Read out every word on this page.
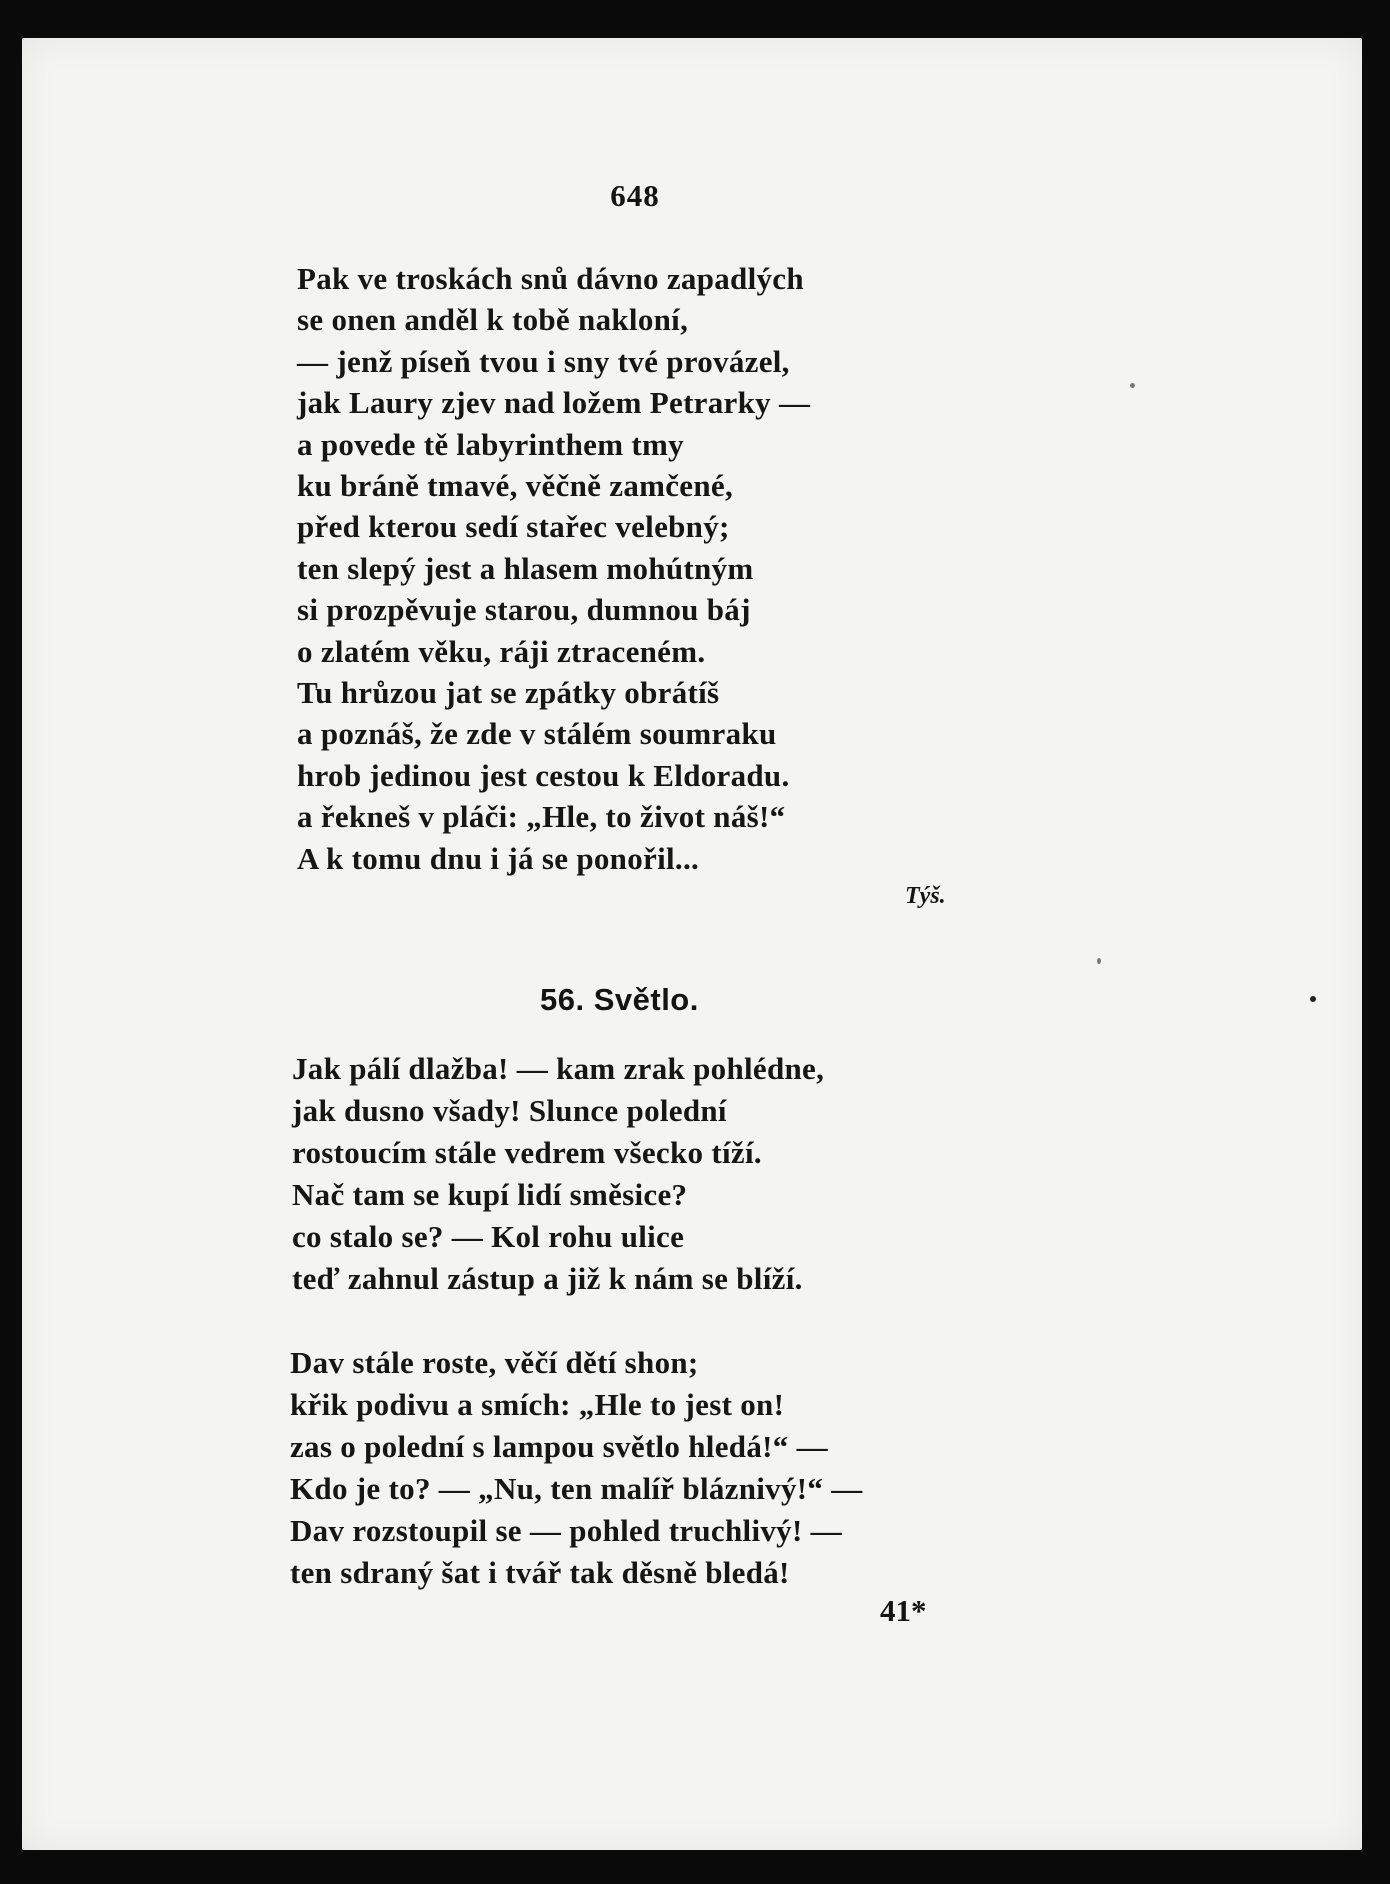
648
Pak ve troskách snů dávno zapadlých
se onen anděl k tobě nakloní,
— jenž píseň tvou i sny tvé provázel,
jak Laury zjev nad ložem Petrarky —
a povede tě labyrinthem tmy
ku bráně tmavé, věčně zamčené,
před kterou sedí stařec velebný;
ten slepý jest a hlasem mohútným
si prozpěvuje starou, dumnou báj
o zlatém věku, ráji ztraceném.
Tu hrůzou jat se zpátky obrátíš
a poznáš, že zde v stálém soumraku
hrob jedinou jest cestou k Eldoradu.
a řekneš v pláči: „Hle, to život náš!“
A k tomu dnu i já se ponořil...
Týš.
56. Světlo.
Jak pálí dlažba! — kam zrak pohlédne,
jak dusno všady! Slunce polední
rostoucím stále vedrem všecko tíží.
Nač tam se kupí lidí směsice?
co stalo se? — Kol rohu ulice
teď zahnul zástup a již k nám se blíží.
Dav stále roste, věčí dětí shon;
křik podivu a smích: „Hle to jest on!
zas o polední s lampou světlo hledá!“ —
Kdo je to? — „Nu, ten malíř bláznivý!“ —
Dav rozstoupil se — pohled truchlivý! —
ten sdraný šat i tvář tak děsně bledá!
41*
